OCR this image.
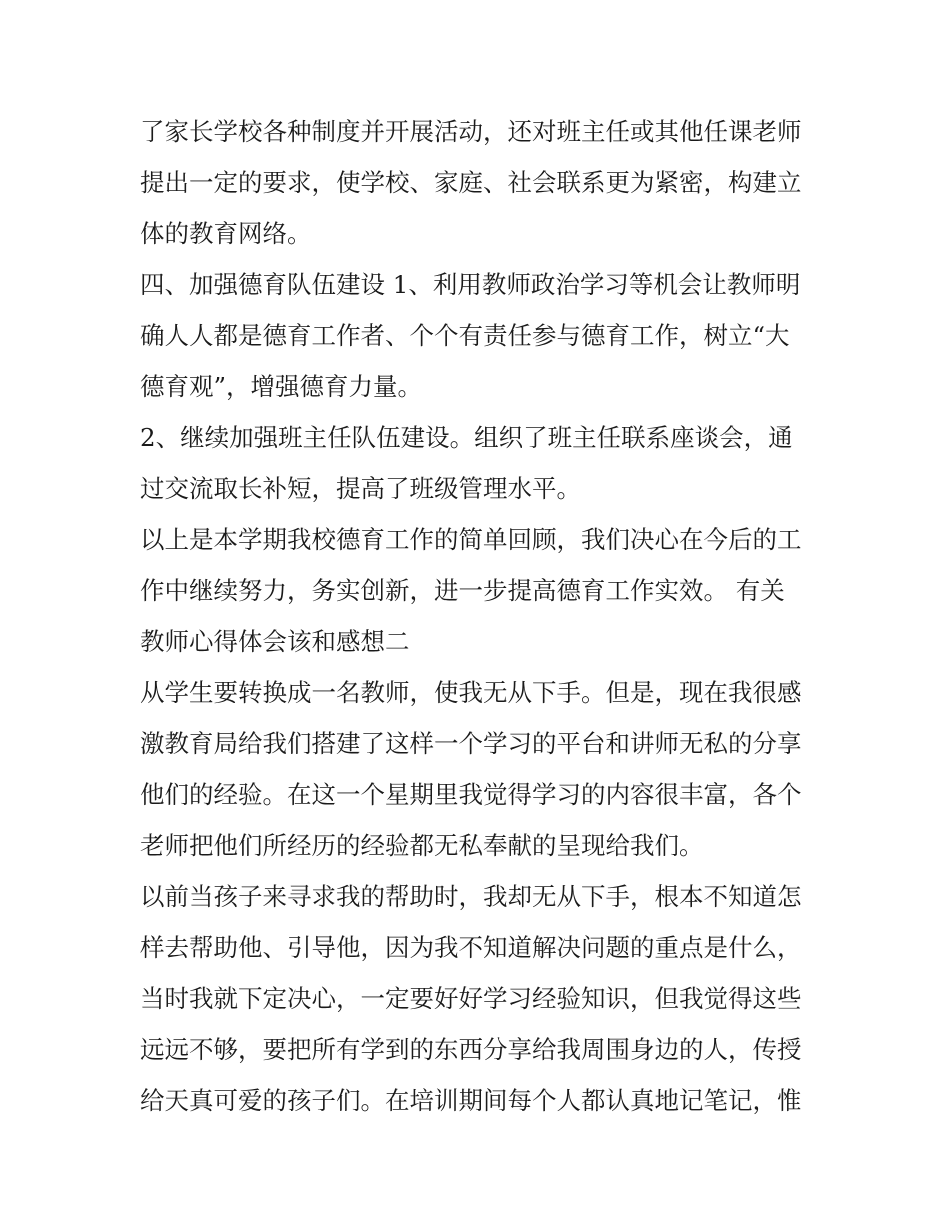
了家长学校各种制度并开展活动，还对班主任或其他任课老师
提出一定的要求，使学校、家庭、社会联系更为紧密，构建立
体的教育网络。
四、加强德育队伍建设 1、利用教师政治学习等机会让教师明
确人人都是德育工作者、个个有责任参与德育工作，树立“大
德育观”，增强德育力量。
2、继续加强班主任队伍建设。组织了班主任联系座谈会，通
过交流取长补短，提高了班级管理水平。
以上是本学期我校德育工作的简单回顾，我们决心在今后的工
作中继续努力，务实创新，进一步提高德育工作实效。 有关
教师心得体会该和感想二
从学生要转换成一名教师，使我无从下手。但是，现在我很感
激教育局给我们搭建了这样一个学习的平台和讲师无私的分享
他们的经验。在这一个星期里我觉得学习的内容很丰富，各个
老师把他们所经历的经验都无私奉献的呈现给我们。
以前当孩子来寻求我的帮助时，我却无从下手，根本不知道怎
样去帮助他、引导他，因为我不知道解决问题的重点是什么，
当时我就下定决心，一定要好好学习经验知识，但我觉得这些
远远不够，要把所有学到的东西分享给我周围身边的人，传授
给天真可爱的孩子们。在培训期间每个人都认真地记笔记，惟
